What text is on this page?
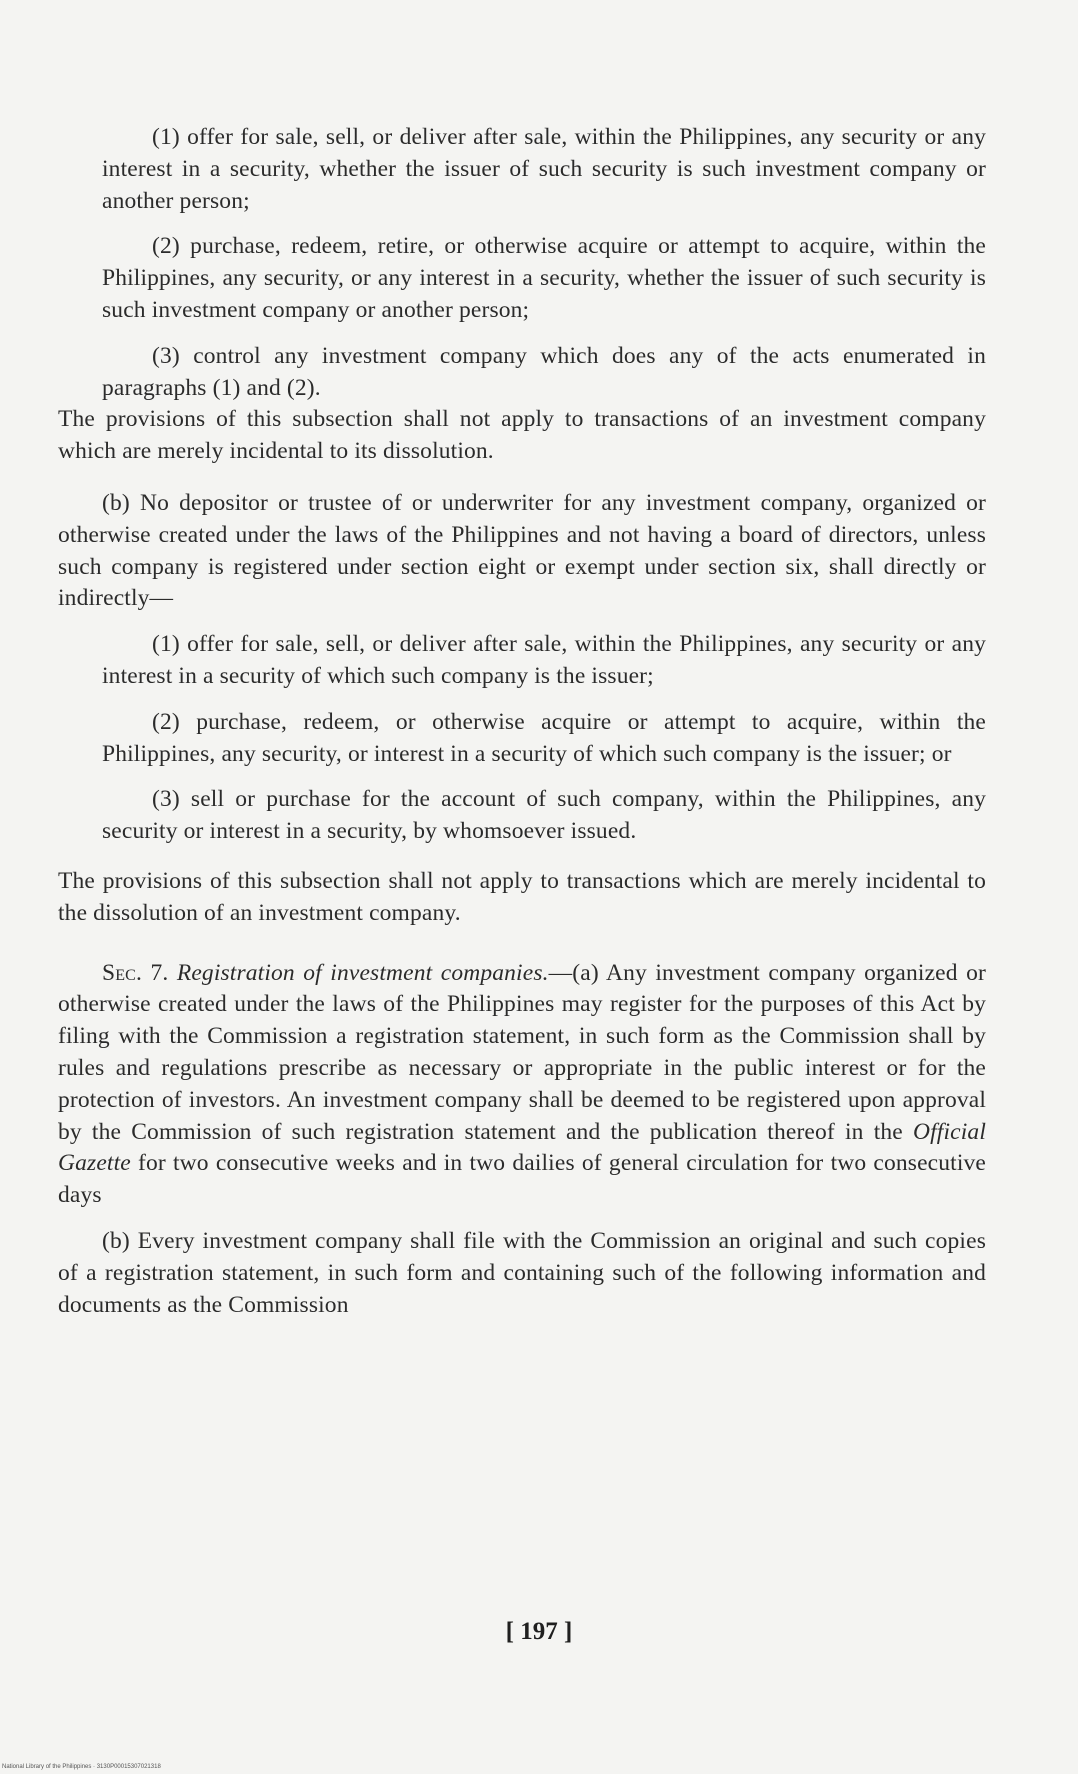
(1) offer for sale, sell, or deliver after sale, within the Philippines, any security or any interest in a security, whether the issuer of such security is such investment company or another person;

(2) purchase, redeem, retire, or otherwise acquire or attempt to acquire, within the Philippines, any security, or any interest in a security, whether the issuer of such security is such investment company or another person;

(3) control any investment company which does any of the acts enumerated in paragraphs (1) and (2).

The provisions of this subsection shall not apply to transactions of an investment company which are merely incidental to its dissolution.

(b) No depositor or trustee of or underwriter for any investment company, organized or otherwise created under the laws of the Philippines and not having a board of directors, unless such company is registered under section eight or exempt under section six, shall directly or indirectly—

(1) offer for sale, sell, or deliver after sale, within the Philippines, any security or any interest in a security of which such company is the issuer;

(2) purchase, redeem, or otherwise acquire or attempt to acquire, within the Philippines, any security, or interest in a security of which such company is the issuer; or

(3) sell or purchase for the account of such company, within the Philippines, any security or interest in a security, by whomsoever issued.

The provisions of this subsection shall not apply to transactions which are merely incidental to the dissolution of an investment company.

Sec. 7. Registration of investment companies.—(a) Any investment company organized or otherwise created under the laws of the Philippines may register for the purposes of this Act by filing with the Commission a registration statement, in such form as the Commission shall by rules and regulations prescribe as necessary or appropriate in the public interest or for the protection of investors. An investment company shall be deemed to be registered upon approval by the Commission of such registration statement and the publication thereof in the Official Gazette for two consecutive weeks and in two dailies of general circulation for two consecutive days

(b) Every investment company shall file with the Commission an original and such copies of a registration statement, in such form and containing such of the following information and documents as the Commission

[ 197 ]
National Library of the Philippines · 3130P00015307021318
